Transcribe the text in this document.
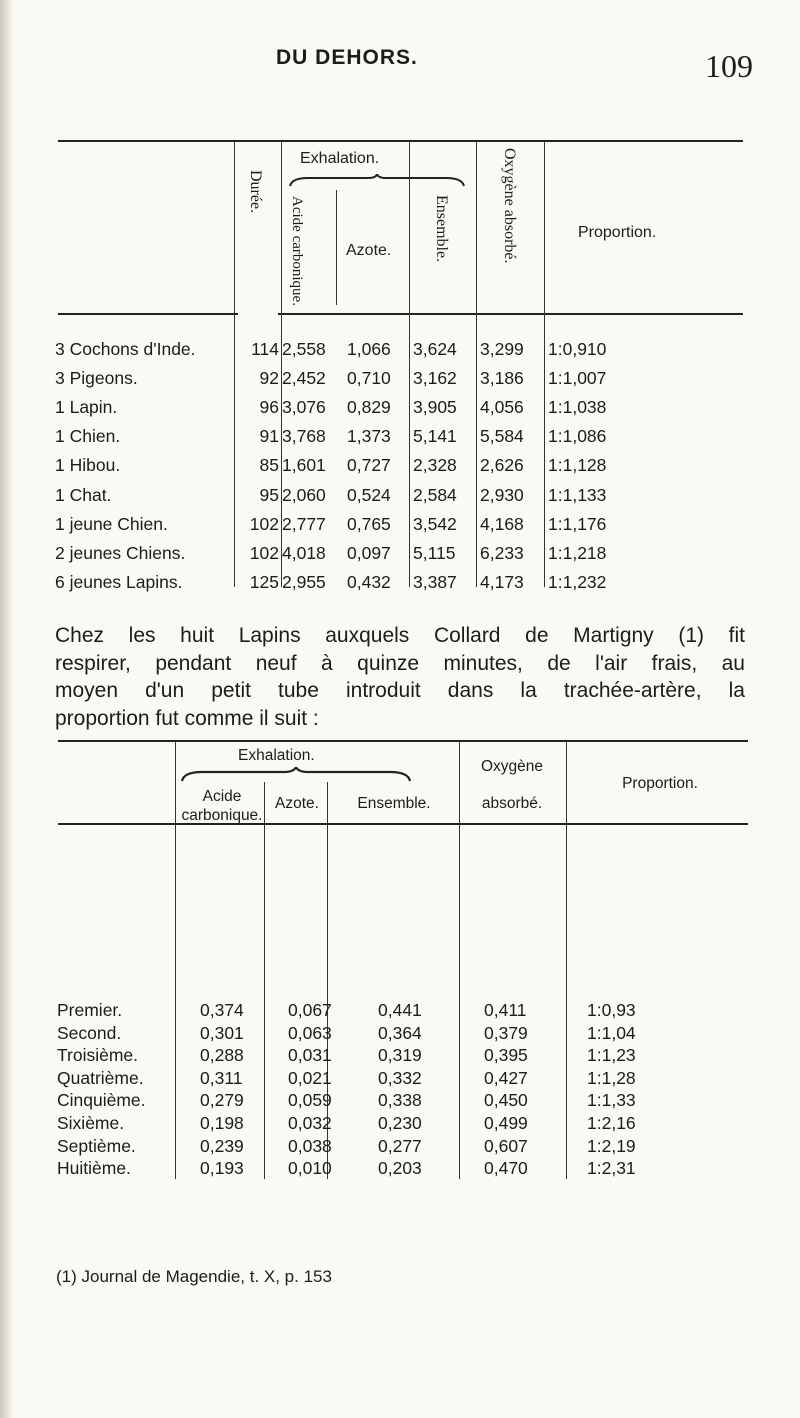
DU DEHORS.	109
Exhalation.
Durée.
Acide carbonique.	Azote.	Ensemble.	Oxygène absorbé.	Proportion.
3 Cochons d'Inde.	114 2,558 1,066 3,624 3,299 1:0,910
3 Pigeons.	92 2,452 0,710 3,162 3,186 1:1,007
1 Lapin.	96 3,076 0,829 3,905 4,056 1:1,038
1 Chien.	91 3,768 1,373 5,141 5,584 1:1,086
1 Hibou.	85 1,601 0,727 2,328 2,626 1:1,128
1 Chat.	95 2,060 0,524 2,584 2,930 1:1,133
1 jeune Chien.	102 2,777 0,765 3,542 4,168 1:1,176
2 jeunes Chiens.	102 4,018 0,097 5,115 6,233 1:1,218
6 jeunes Lapins.	125 2,955 0,432 3,387 4,173 1:1,232
Chez les huit Lapins auxquels Collard de Martigny (1) fit
respirer, pendant neuf à quinze minutes, de l'air frais, au
moyen d'un petit tube introduit dans la trachée-artère, la
proportion fut comme il suit :
Exhalation.
Acide carbonique.
Azote.	Ensemble.
Oxygène
absorbé.
Proportion.
Premier.	0,374	0,067	0,441	0,411	1:0,93
Second.	0,301	0,063	0,364	0,379	1:1,04
Troisième.	0,288	0,031	0,319	0,395	1:1,23
Quatrième.	0,311	0,021	0,332	0,427	1:1,28
Cinquième.	0,279	0,059	0,338	0,450	1:1,33
Sixième.	0,198	0,032	0,230	0,499	1:2,16
Septième.	0,239	0,038	0,277	0,607	1:2,19
Huitième.	0,193	0,010	0,203	0,470	1:2,31
(1) Journal de Magendie, t. X, p. 153
